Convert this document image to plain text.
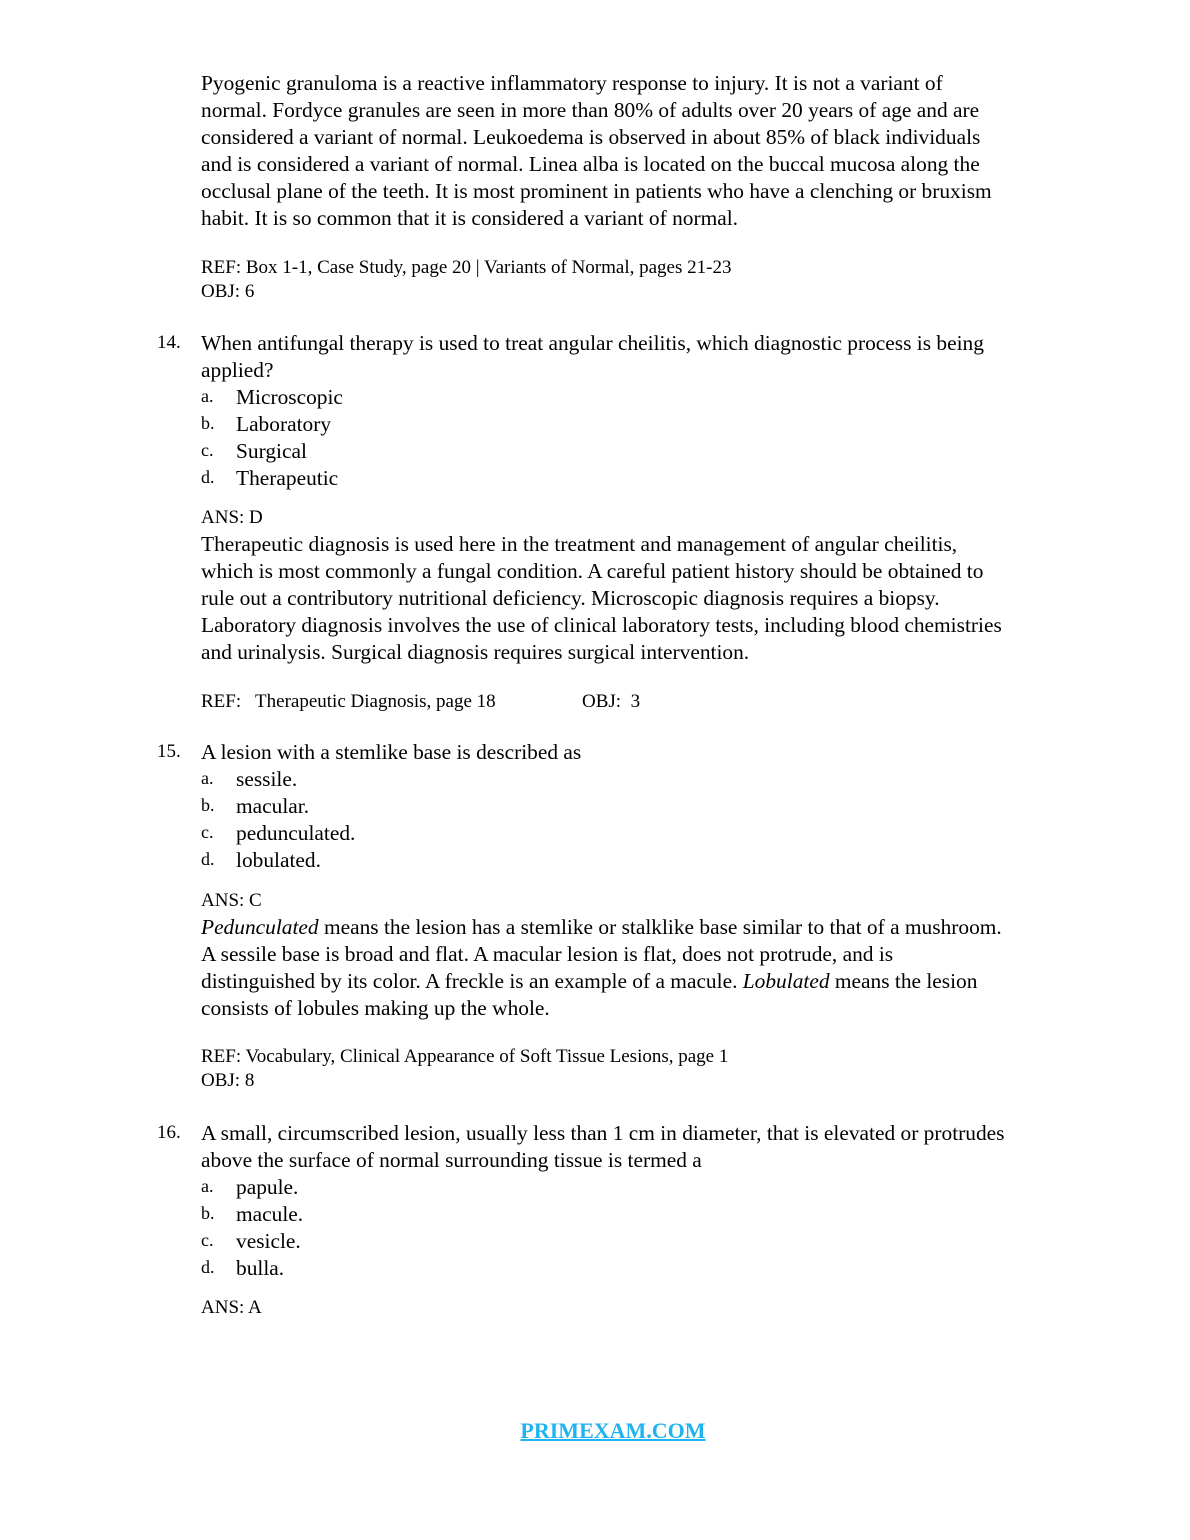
Pyogenic granuloma is a reactive inflammatory response to injury. It is not a variant of
normal. Fordyce granules are seen in more than 80% of adults over 20 years of age and are
considered a variant of normal. Leukoedema is observed in about 85% of black individuals
and is considered a variant of normal. Linea alba is located on the buccal mucosa along the
occlusal plane of the teeth. It is most prominent in patients who have a clenching or bruxism
habit. It is so common that it is considered a variant of normal.
REF: Box 1-1, Case Study, page 20 | Variants of Normal, pages 21-23
OBJ: 6
14. When antifungal therapy is used to treat angular cheilitis, which diagnostic process is being
applied?
a. Microscopic
b. Laboratory
c. Surgical
d. Therapeutic
ANS: D
Therapeutic diagnosis is used here in the treatment and management of angular cheilitis,
which is most commonly a fungal condition. A careful patient history should be obtained to
rule out a contributory nutritional deficiency. Microscopic diagnosis requires a biopsy.
Laboratory diagnosis involves the use of clinical laboratory tests, including blood chemistries
and urinalysis. Surgical diagnosis requires surgical intervention.
REF:   Therapeutic Diagnosis, page 18	OBJ:  3
15. A lesion with a stemlike base is described as
a. sessile.
b. macular.
c. pedunculated.
d. lobulated.
ANS: C
Pedunculated means the lesion has a stemlike or stalklike base similar to that of a mushroom.
A sessile base is broad and flat. A macular lesion is flat, does not protrude, and is
distinguished by its color. A freckle is an example of a macule. Lobulated means the lesion
consists of lobules making up the whole.
REF: Vocabulary, Clinical Appearance of Soft Tissue Lesions, page 1
OBJ: 8
16. A small, circumscribed lesion, usually less than 1 cm in diameter, that is elevated or protrudes
above the surface of normal surrounding tissue is termed a
a. papule.
b. macule.
c. vesicle.
d. bulla.
ANS: A
PRIMEXAM.COM
